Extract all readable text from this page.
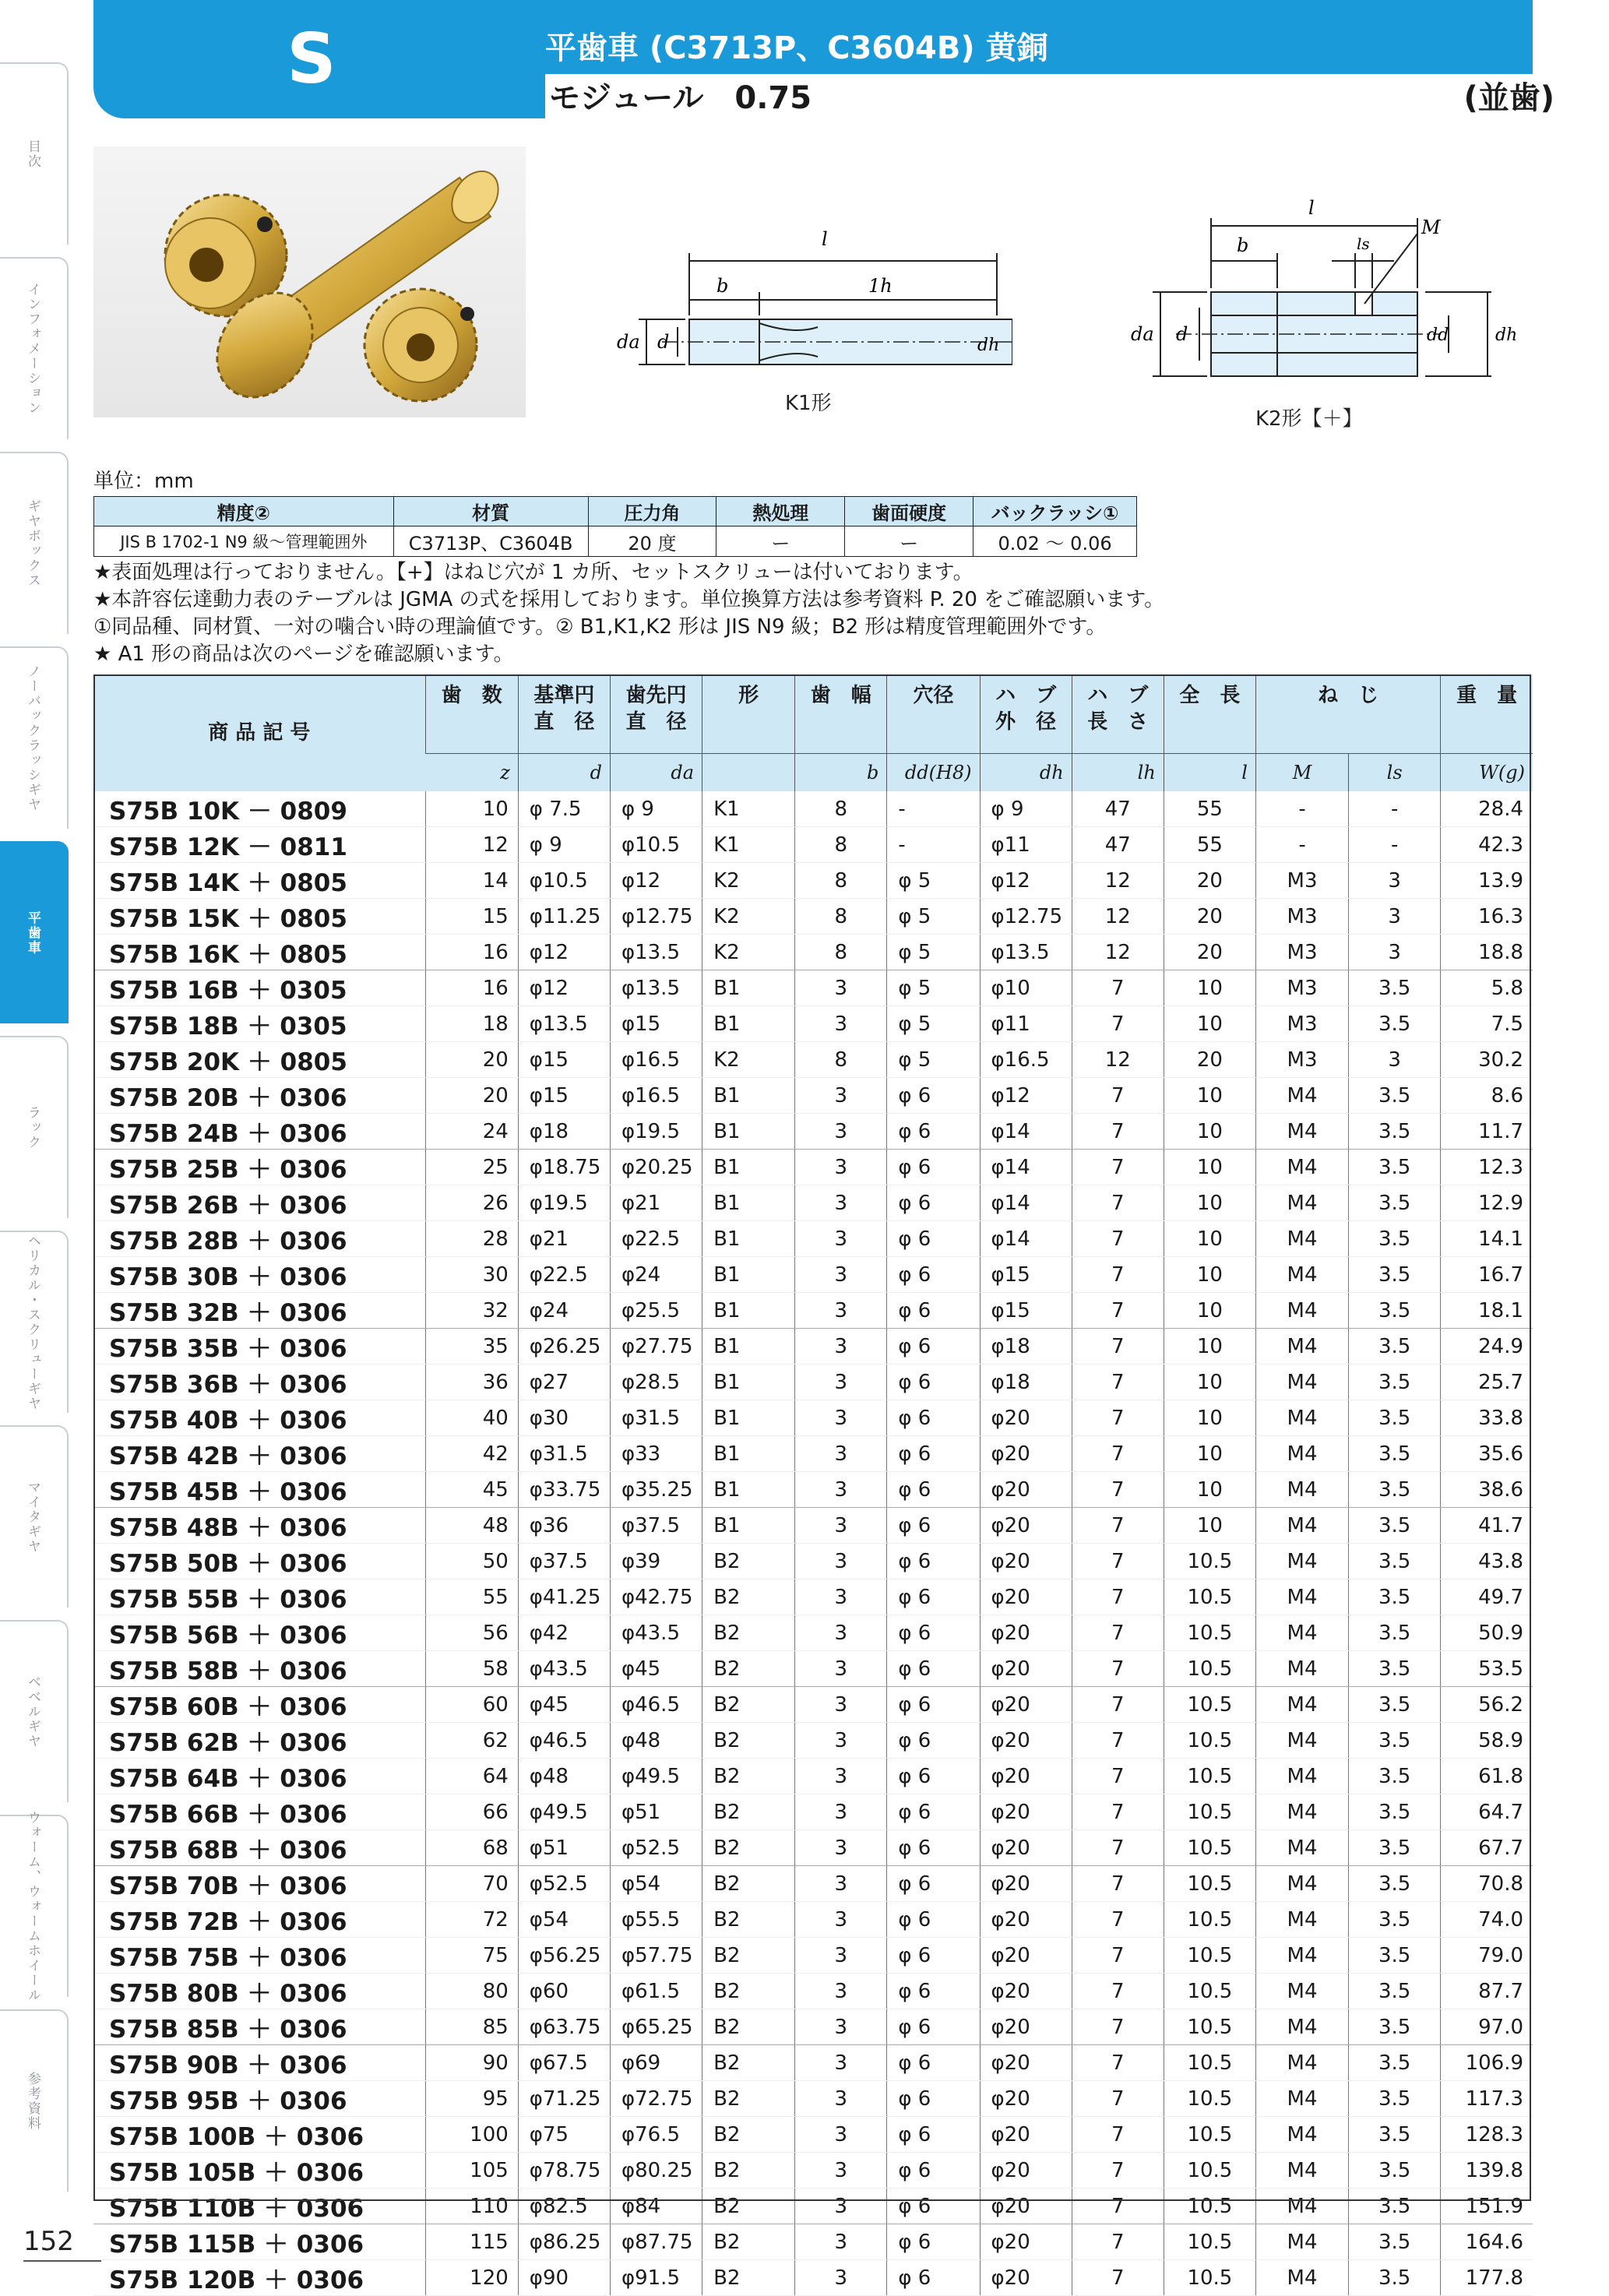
目次
インフォメーション
ギヤボックス
ノーバックラッシギヤ
平歯車
ラック
ヘリカル・スクリューギヤ
マイタギヤ
ベベルギヤ
ウォーム、ウォームホイール
参考資料
152
S	平歯車 (C3713P、C3604B) 黄銅
モジュール　0.75	(並歯)
l
b	1h
da d	dh
K1形
l
b	ls
M
da d	dd	dh
K2形【＋】
単位：mm
精度②	材質	圧力角	熱処理	歯面硬度	バックラッシ①
JIS B 1702-1 N9 級～管理範囲外	C3713P、C3604B	20 度	ー	ー	0.02 ～ 0.06
★表面処理は行っておりません。【+】はねじ穴が 1 カ所、セットスクリューは付いております。
★本許容伝達動力表のテーブルは JGMA の式を採用しております。単位換算方法は参考資料 P. 20 をご確認願います。
①同品種、同材質、一対の噛合い時の理論値です。② B1,K1,K2 形は JIS N9 級；B2 形は精度管理範囲外です。
★ A1 形の商品は次のページを確認願います。
商 品 記 号	歯　数	基準円
直　径	歯先円
直　径	形	歯　幅	穴径	ハ　ブ
外　径	ハ　ブ
長　さ	全　長	ね　じ		重　量
	z	d	da		b	dd(H8)	dh	lh	l	M	ls	W(g)
S75B 10K － 0809	10	φ 7.5	φ 9	K1	8	-	φ 9	47	55	-	-	28.4
S75B 12K － 0811	12	φ 9	φ10.5	K1	8	-	φ11	47	55	-	-	42.3
S75B 14K ＋ 0805	14	φ10.5	φ12	K2	8	φ 5	φ12	12	20	M3	3	13.9
S75B 15K ＋ 0805	15	φ11.25	φ12.75	K2	8	φ 5	φ12.75	12	20	M3	3	16.3
S75B 16K ＋ 0805	16	φ12	φ13.5	K2	8	φ 5	φ13.5	12	20	M3	3	18.8
S75B 16B ＋ 0305	16	φ12	φ13.5	B1	3	φ 5	φ10	7	10	M3	3.5	5.8
S75B 18B ＋ 0305	18	φ13.5	φ15	B1	3	φ 5	φ11	7	10	M3	3.5	7.5
S75B 20K ＋ 0805	20	φ15	φ16.5	K2	8	φ 5	φ16.5	12	20	M3	3	30.2
S75B 20B ＋ 0306	20	φ15	φ16.5	B1	3	φ 6	φ12	7	10	M4	3.5	8.6
S75B 24B ＋ 0306	24	φ18	φ19.5	B1	3	φ 6	φ14	7	10	M4	3.5	11.7
S75B 25B ＋ 0306	25	φ18.75	φ20.25	B1	3	φ 6	φ14	7	10	M4	3.5	12.3
S75B 26B ＋ 0306	26	φ19.5	φ21	B1	3	φ 6	φ14	7	10	M4	3.5	12.9
S75B 28B ＋ 0306	28	φ21	φ22.5	B1	3	φ 6	φ14	7	10	M4	3.5	14.1
S75B 30B ＋ 0306	30	φ22.5	φ24	B1	3	φ 6	φ15	7	10	M4	3.5	16.7
S75B 32B ＋ 0306	32	φ24	φ25.5	B1	3	φ 6	φ15	7	10	M4	3.5	18.1
S75B 35B ＋ 0306	35	φ26.25	φ27.75	B1	3	φ 6	φ18	7	10	M4	3.5	24.9
S75B 36B ＋ 0306	36	φ27	φ28.5	B1	3	φ 6	φ18	7	10	M4	3.5	25.7
S75B 40B ＋ 0306	40	φ30	φ31.5	B1	3	φ 6	φ20	7	10	M4	3.5	33.8
S75B 42B ＋ 0306	42	φ31.5	φ33	B1	3	φ 6	φ20	7	10	M4	3.5	35.6
S75B 45B ＋ 0306	45	φ33.75	φ35.25	B1	3	φ 6	φ20	7	10	M4	3.5	38.6
S75B 48B ＋ 0306	48	φ36	φ37.5	B1	3	φ 6	φ20	7	10	M4	3.5	41.7
S75B 50B ＋ 0306	50	φ37.5	φ39	B2	3	φ 6	φ20	7	10.5	M4	3.5	43.8
S75B 55B ＋ 0306	55	φ41.25	φ42.75	B2	3	φ 6	φ20	7	10.5	M4	3.5	49.7
S75B 56B ＋ 0306	56	φ42	φ43.5	B2	3	φ 6	φ20	7	10.5	M4	3.5	50.9
S75B 58B ＋ 0306	58	φ43.5	φ45	B2	3	φ 6	φ20	7	10.5	M4	3.5	53.5
S75B 60B ＋ 0306	60	φ45	φ46.5	B2	3	φ 6	φ20	7	10.5	M4	3.5	56.2
S75B 62B ＋ 0306	62	φ46.5	φ48	B2	3	φ 6	φ20	7	10.5	M4	3.5	58.9
S75B 64B ＋ 0306	64	φ48	φ49.5	B2	3	φ 6	φ20	7	10.5	M4	3.5	61.8
S75B 66B ＋ 0306	66	φ49.5	φ51	B2	3	φ 6	φ20	7	10.5	M4	3.5	64.7
S75B 68B ＋ 0306	68	φ51	φ52.5	B2	3	φ 6	φ20	7	10.5	M4	3.5	67.7
S75B 70B ＋ 0306	70	φ52.5	φ54	B2	3	φ 6	φ20	7	10.5	M4	3.5	70.8
S75B 72B ＋ 0306	72	φ54	φ55.5	B2	3	φ 6	φ20	7	10.5	M4	3.5	74.0
S75B 75B ＋ 0306	75	φ56.25	φ57.75	B2	3	φ 6	φ20	7	10.5	M4	3.5	79.0
S75B 80B ＋ 0306	80	φ60	φ61.5	B2	3	φ 6	φ20	7	10.5	M4	3.5	87.7
S75B 85B ＋ 0306	85	φ63.75	φ65.25	B2	3	φ 6	φ20	7	10.5	M4	3.5	97.0
S75B 90B ＋ 0306	90	φ67.5	φ69	B2	3	φ 6	φ20	7	10.5	M4	3.5	106.9
S75B 95B ＋ 0306	95	φ71.25	φ72.75	B2	3	φ 6	φ20	7	10.5	M4	3.5	117.3
S75B 100B ＋ 0306	100	φ75	φ76.5	B2	3	φ 6	φ20	7	10.5	M4	3.5	128.3
S75B 105B ＋ 0306	105	φ78.75	φ80.25	B2	3	φ 6	φ20	7	10.5	M4	3.5	139.8
S75B 110B ＋ 0306	110	φ82.5	φ84	B2	3	φ 6	φ20	7	10.5	M4	3.5	151.9
S75B 115B ＋ 0306	115	φ86.25	φ87.75	B2	3	φ 6	φ20	7	10.5	M4	3.5	164.6
S75B 120B ＋ 0306	120	φ90	φ91.5	B2	3	φ 6	φ20	7	10.5	M4	3.5	177.8
